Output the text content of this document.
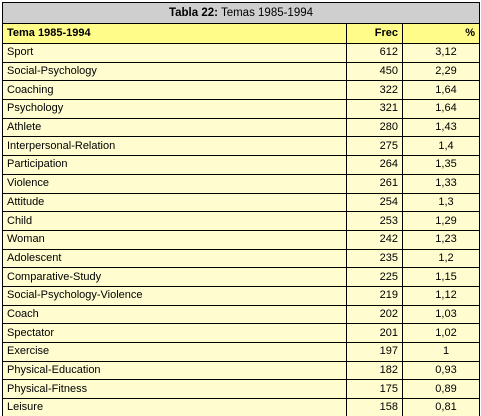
Tabla 22: Temas 1985-1994		
Tema 1985-1994	Frec	%
Sport	612	3,12
Social-Psychology	450	2,29
Coaching	322	1,64
Psychology	321	1,64
Athlete	280	1,43
Interpersonal-Relation	275	1,4
Participation	264	1,35
Violence	261	1,33
Attitude	254	1,3
Child	253	1,29
Woman	242	1,23
Adolescent	235	1,2
Comparative-Study	225	1,15
Social-Psychology-Violence	219	1,12
Coach	202	1,03
Spectator	201	1,02
Exercise	197	1
Physical-Education	182	0,93
Physical-Fitness	175	0,89
Leisure	158	0,81
